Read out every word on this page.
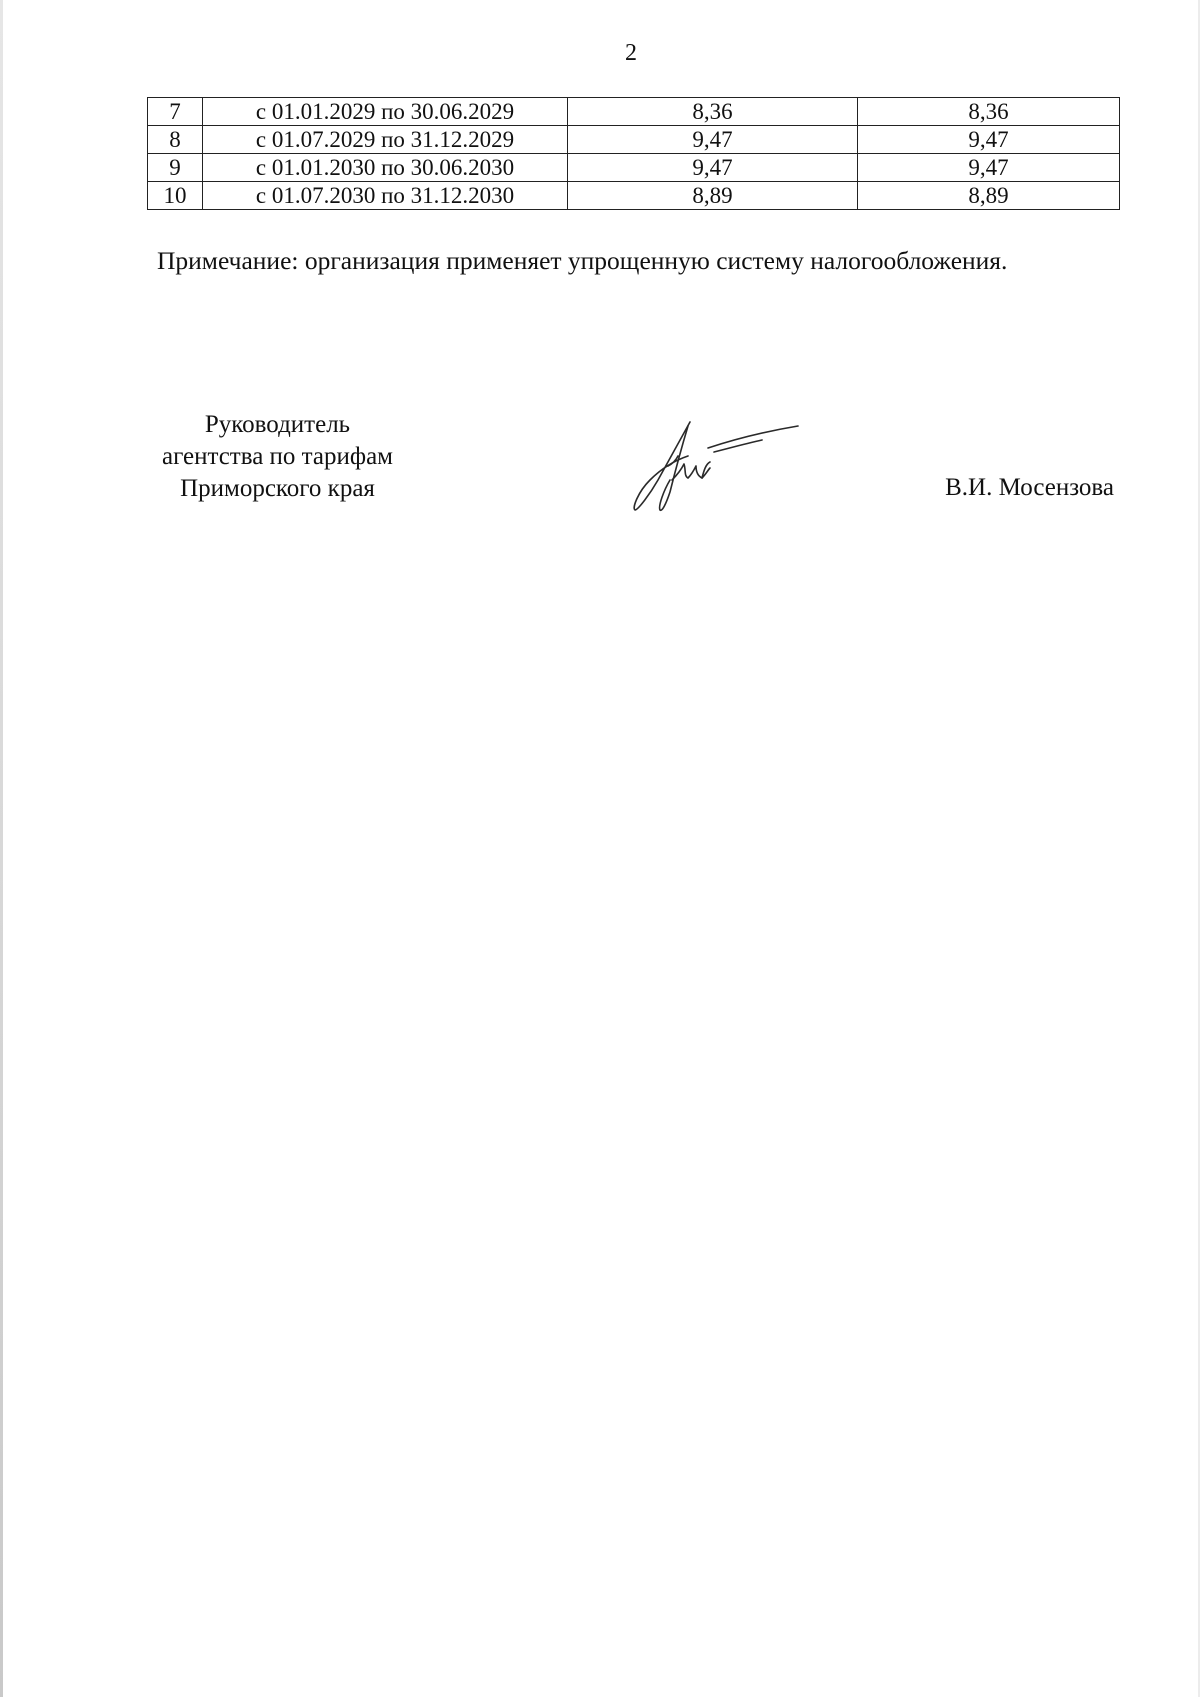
2
7	с 01.01.2029 по 30.06.2029	8,36	8,36
8	с 01.07.2029 по 31.12.2029	9,47	9,47
9	с 01.01.2030 по 30.06.2030	9,47	9,47
10	с 01.07.2030 по 31.12.2030	8,89	8,89
Примечание: организация применяет упрощенную систему налогообложения.
Руководитель
агентства по тарифам
Приморского края	В.И. Мосензова
